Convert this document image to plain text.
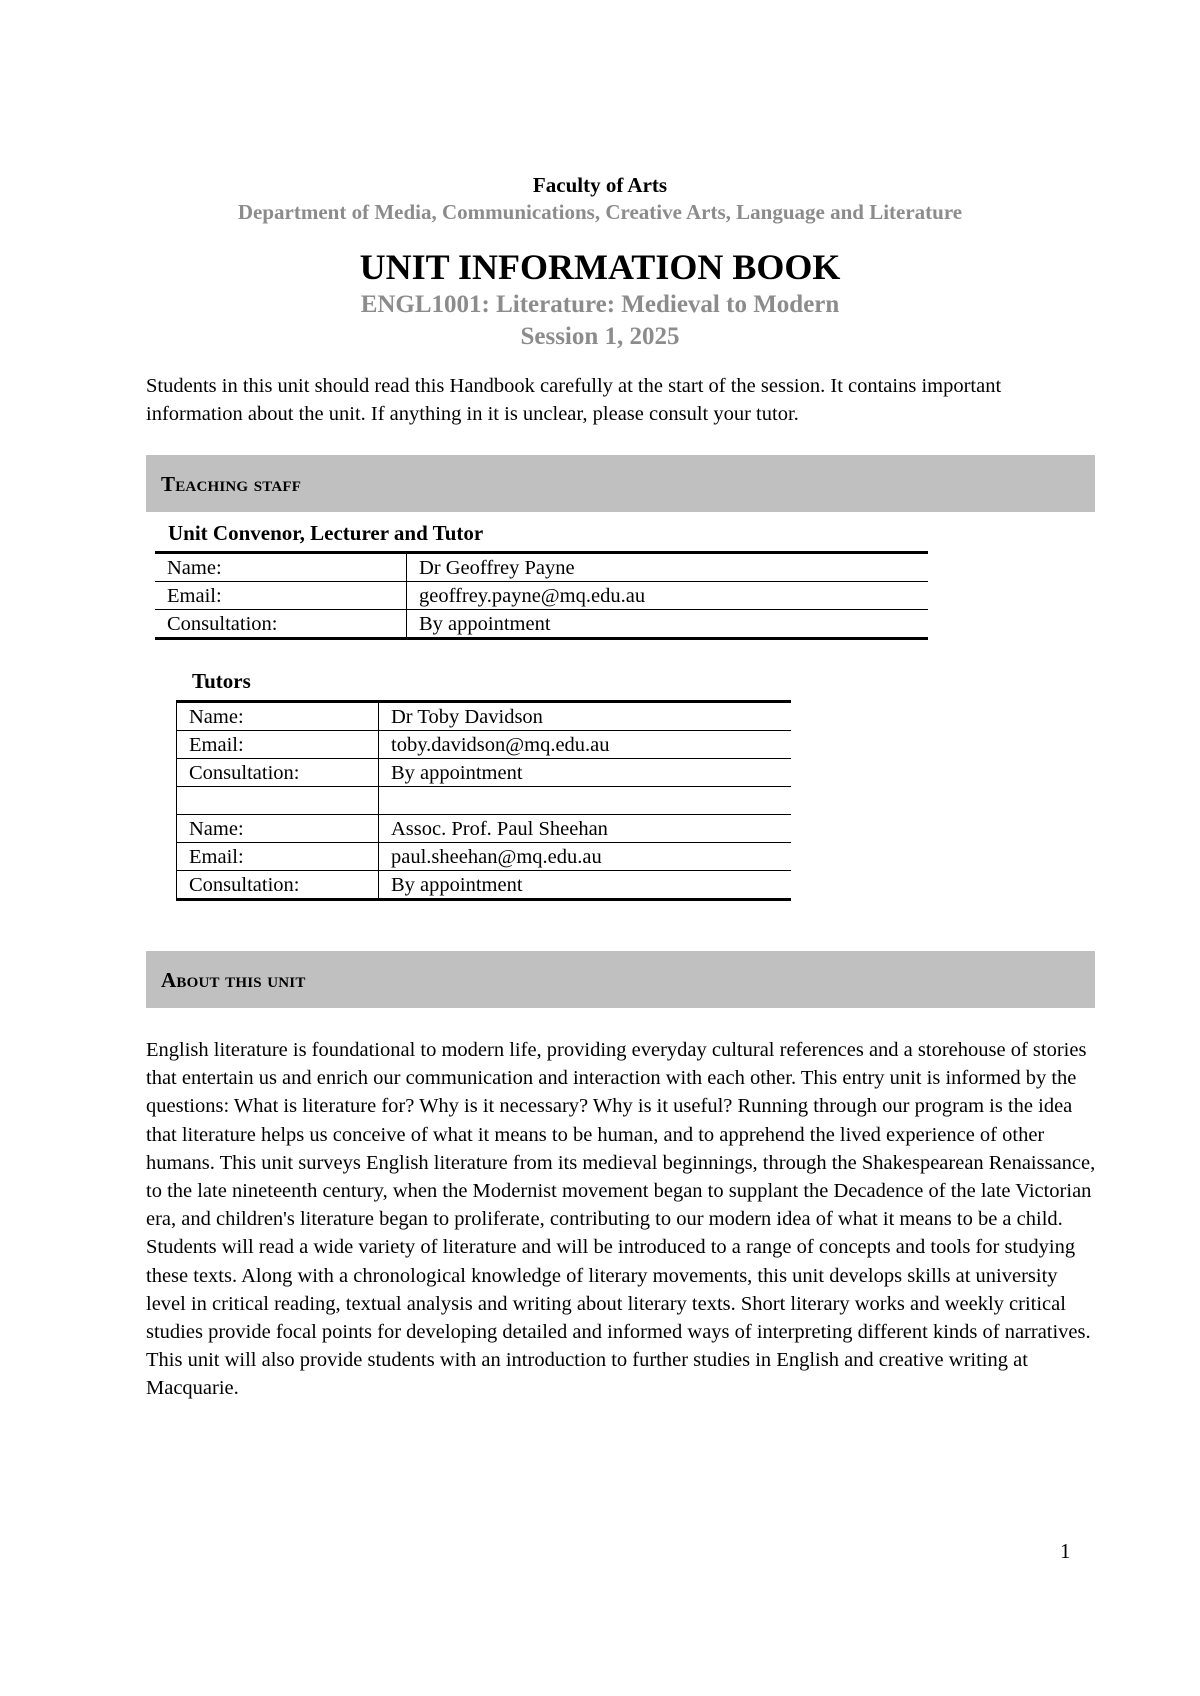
Faculty of Arts
Department of Media, Communications, Creative Arts, Language and Literature
UNIT INFORMATION BOOK
ENGL1001: Literature: Medieval to Modern
Session 1, 2025
Students in this unit should read this Handbook carefully at the start of the session. It contains important information about the unit. If anything in it is unclear, please consult your tutor.
Teaching staff
Unit Convenor, Lecturer and Tutor
Name:	Dr Geoffrey Payne
Email:	geoffrey.payne@mq.edu.au
Consultation:	By appointment
Tutors
Name:	Dr Toby Davidson
Email:	toby.davidson@mq.edu.au
Consultation:	By appointment

Name:	Assoc. Prof. Paul Sheehan
Email:	paul.sheehan@mq.edu.au
Consultation:	By appointment
About this unit
English literature is foundational to modern life, providing everyday cultural references and a storehouse of stories that entertain us and enrich our communication and interaction with each other. This entry unit is informed by the questions: What is literature for? Why is it necessary? Why is it useful? Running through our program is the idea that literature helps us conceive of what it means to be human, and to apprehend the lived experience of other humans. This unit surveys English literature from its medieval beginnings, through the Shakespearean Renaissance, to the late nineteenth century, when the Modernist movement began to supplant the Decadence of the late Victorian era, and children's literature began to proliferate, contributing to our modern idea of what it means to be a child. Students will read a wide variety of literature and will be introduced to a range of concepts and tools for studying these texts. Along with a chronological knowledge of literary movements, this unit develops skills at university level in critical reading, textual analysis and writing about literary texts. Short literary works and weekly critical studies provide focal points for developing detailed and informed ways of interpreting different kinds of narratives. This unit will also provide students with an introduction to further studies in English and creative writing at Macquarie.
1
